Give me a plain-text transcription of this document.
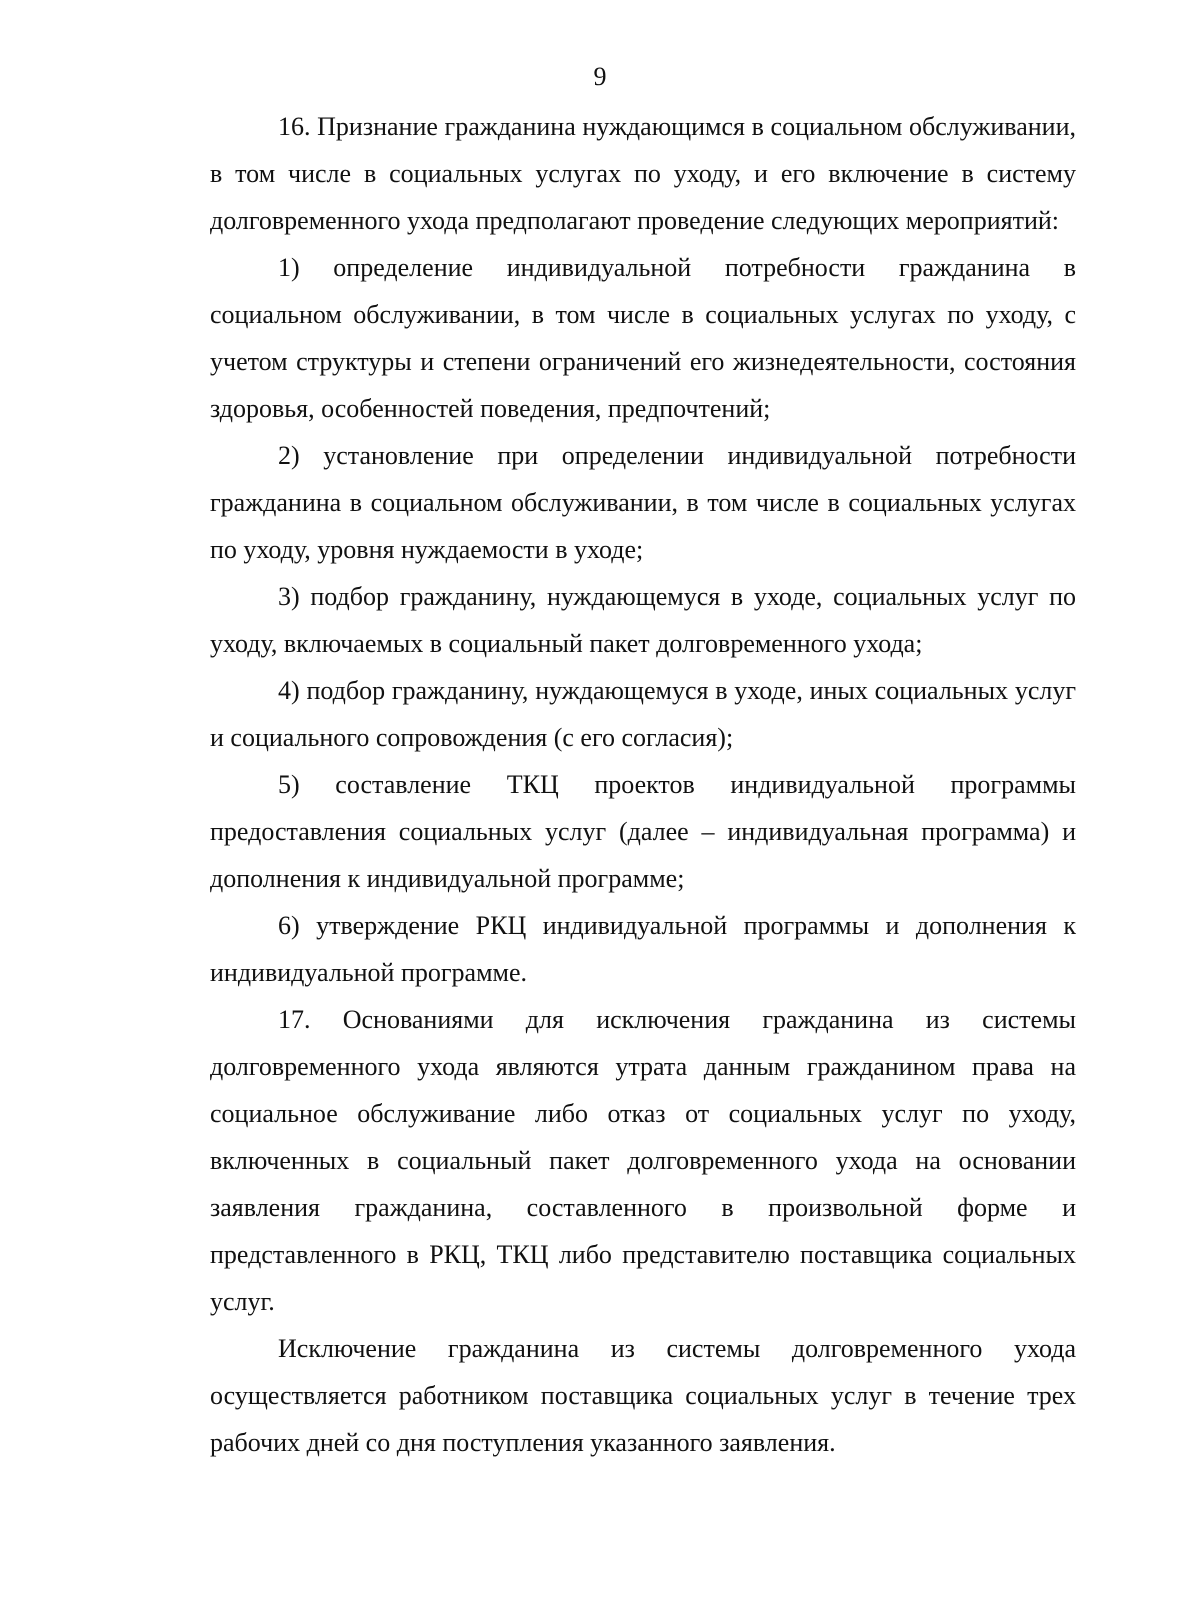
9

16. Признание гражданина нуждающимся в социальном обслуживании, в том числе в социальных услугах по уходу, и его включение в систему долговременного ухода предполагают проведение следующих мероприятий:

1) определение индивидуальной потребности гражданина в социальном обслуживании, в том числе в социальных услугах по уходу, с учетом структуры и степени ограничений его жизнедеятельности, состояния здоровья, особенностей поведения, предпочтений;

2) установление при определении индивидуальной потребности гражданина в социальном обслуживании, в том числе в социальных услугах по уходу, уровня нуждаемости в уходе;

3) подбор гражданину, нуждающемуся в уходе, социальных услуг по уходу, включаемых в социальный пакет долговременного ухода;

4) подбор гражданину, нуждающемуся в уходе, иных социальных услуг и социального сопровождения (с его согласия);

5) составление ТКЦ проектов индивидуальной программы предоставления социальных услуг (далее – индивидуальная программа) и дополнения к индивидуальной программе;

6) утверждение РКЦ индивидуальной программы и дополнения к индивидуальной программе.

17. Основаниями для исключения гражданина из системы долговременного ухода являются утрата данным гражданином права на социальное обслуживание либо отказ от социальных услуг по уходу, включенных в социальный пакет долговременного ухода на основании заявления гражданина, составленного в произвольной форме и представленного в РКЦ, ТКЦ либо представителю поставщика социальных услуг.

Исключение гражданина из системы долговременного ухода осуществляется работником поставщика социальных услуг в течение трех рабочих дней со дня поступления указанного заявления.
